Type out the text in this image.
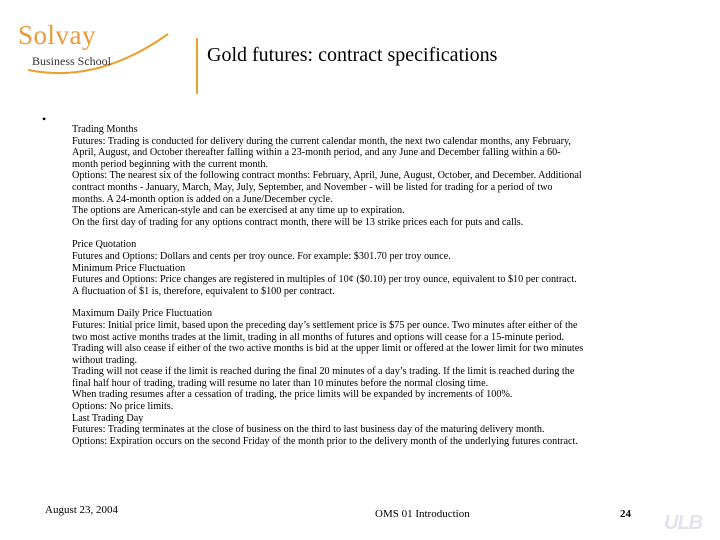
Solvay
Business School	Gold futures: contract specifications
•

Trading Months

Futures: Trading is conducted for delivery during the current calendar month, the next two calendar months, any February,

April, August, and October thereafter falling within a 23-month period, and any June and December falling within a 60-

month period beginning with the current month.

Options: The nearest six of the following contract months: February, April, June, August, October, and December. Additional

contract months - January, March, May, July, September, and November - will be listed for trading for a period of two

months. A 24-month option is added on a June/December cycle.

The options are American-style and can be exercised at any time up to expiration.

On the first day of trading for any options contract month, there will be 13 strike prices each for puts and calls.

Price Quotation

Futures and Options: Dollars and cents per troy ounce. For example: $301.70 per troy ounce.

Minimum Price Fluctuation

Futures and Options: Price changes are registered in multiples of 10¢ ($0.10) per troy ounce, equivalent to $10 per contract.

A fluctuation of $1 is, therefore, equivalent to $100 per contract.

Maximum Daily Price Fluctuation

Futures: Initial price limit, based upon the preceding day’s settlement price is $75 per ounce. Two minutes after either of the

two most active months trades at the limit, trading in all months of futures and options will cease for a 15-minute period.

Trading will also cease if either of the two active months is bid at the upper limit or offered at the lower limit for two minutes

without trading.

Trading will not cease if the limit is reached during the final 20 minutes of a day’s trading. If the limit is reached during the

final half hour of trading, trading will resume no later than 10 minutes before the normal closing time.

When trading resumes after a cessation of trading, the price limits will be expanded by increments of 100%.

Options: No price limits.

Last Trading Day

Futures: Trading terminates at the close of business on the third to last business day of the maturing delivery month.

Options: Expiration occurs on the second Friday of the month prior to the delivery month of the underlying futures contract.

August 23, 2004	OMS 01 Introduction	24 ULB
